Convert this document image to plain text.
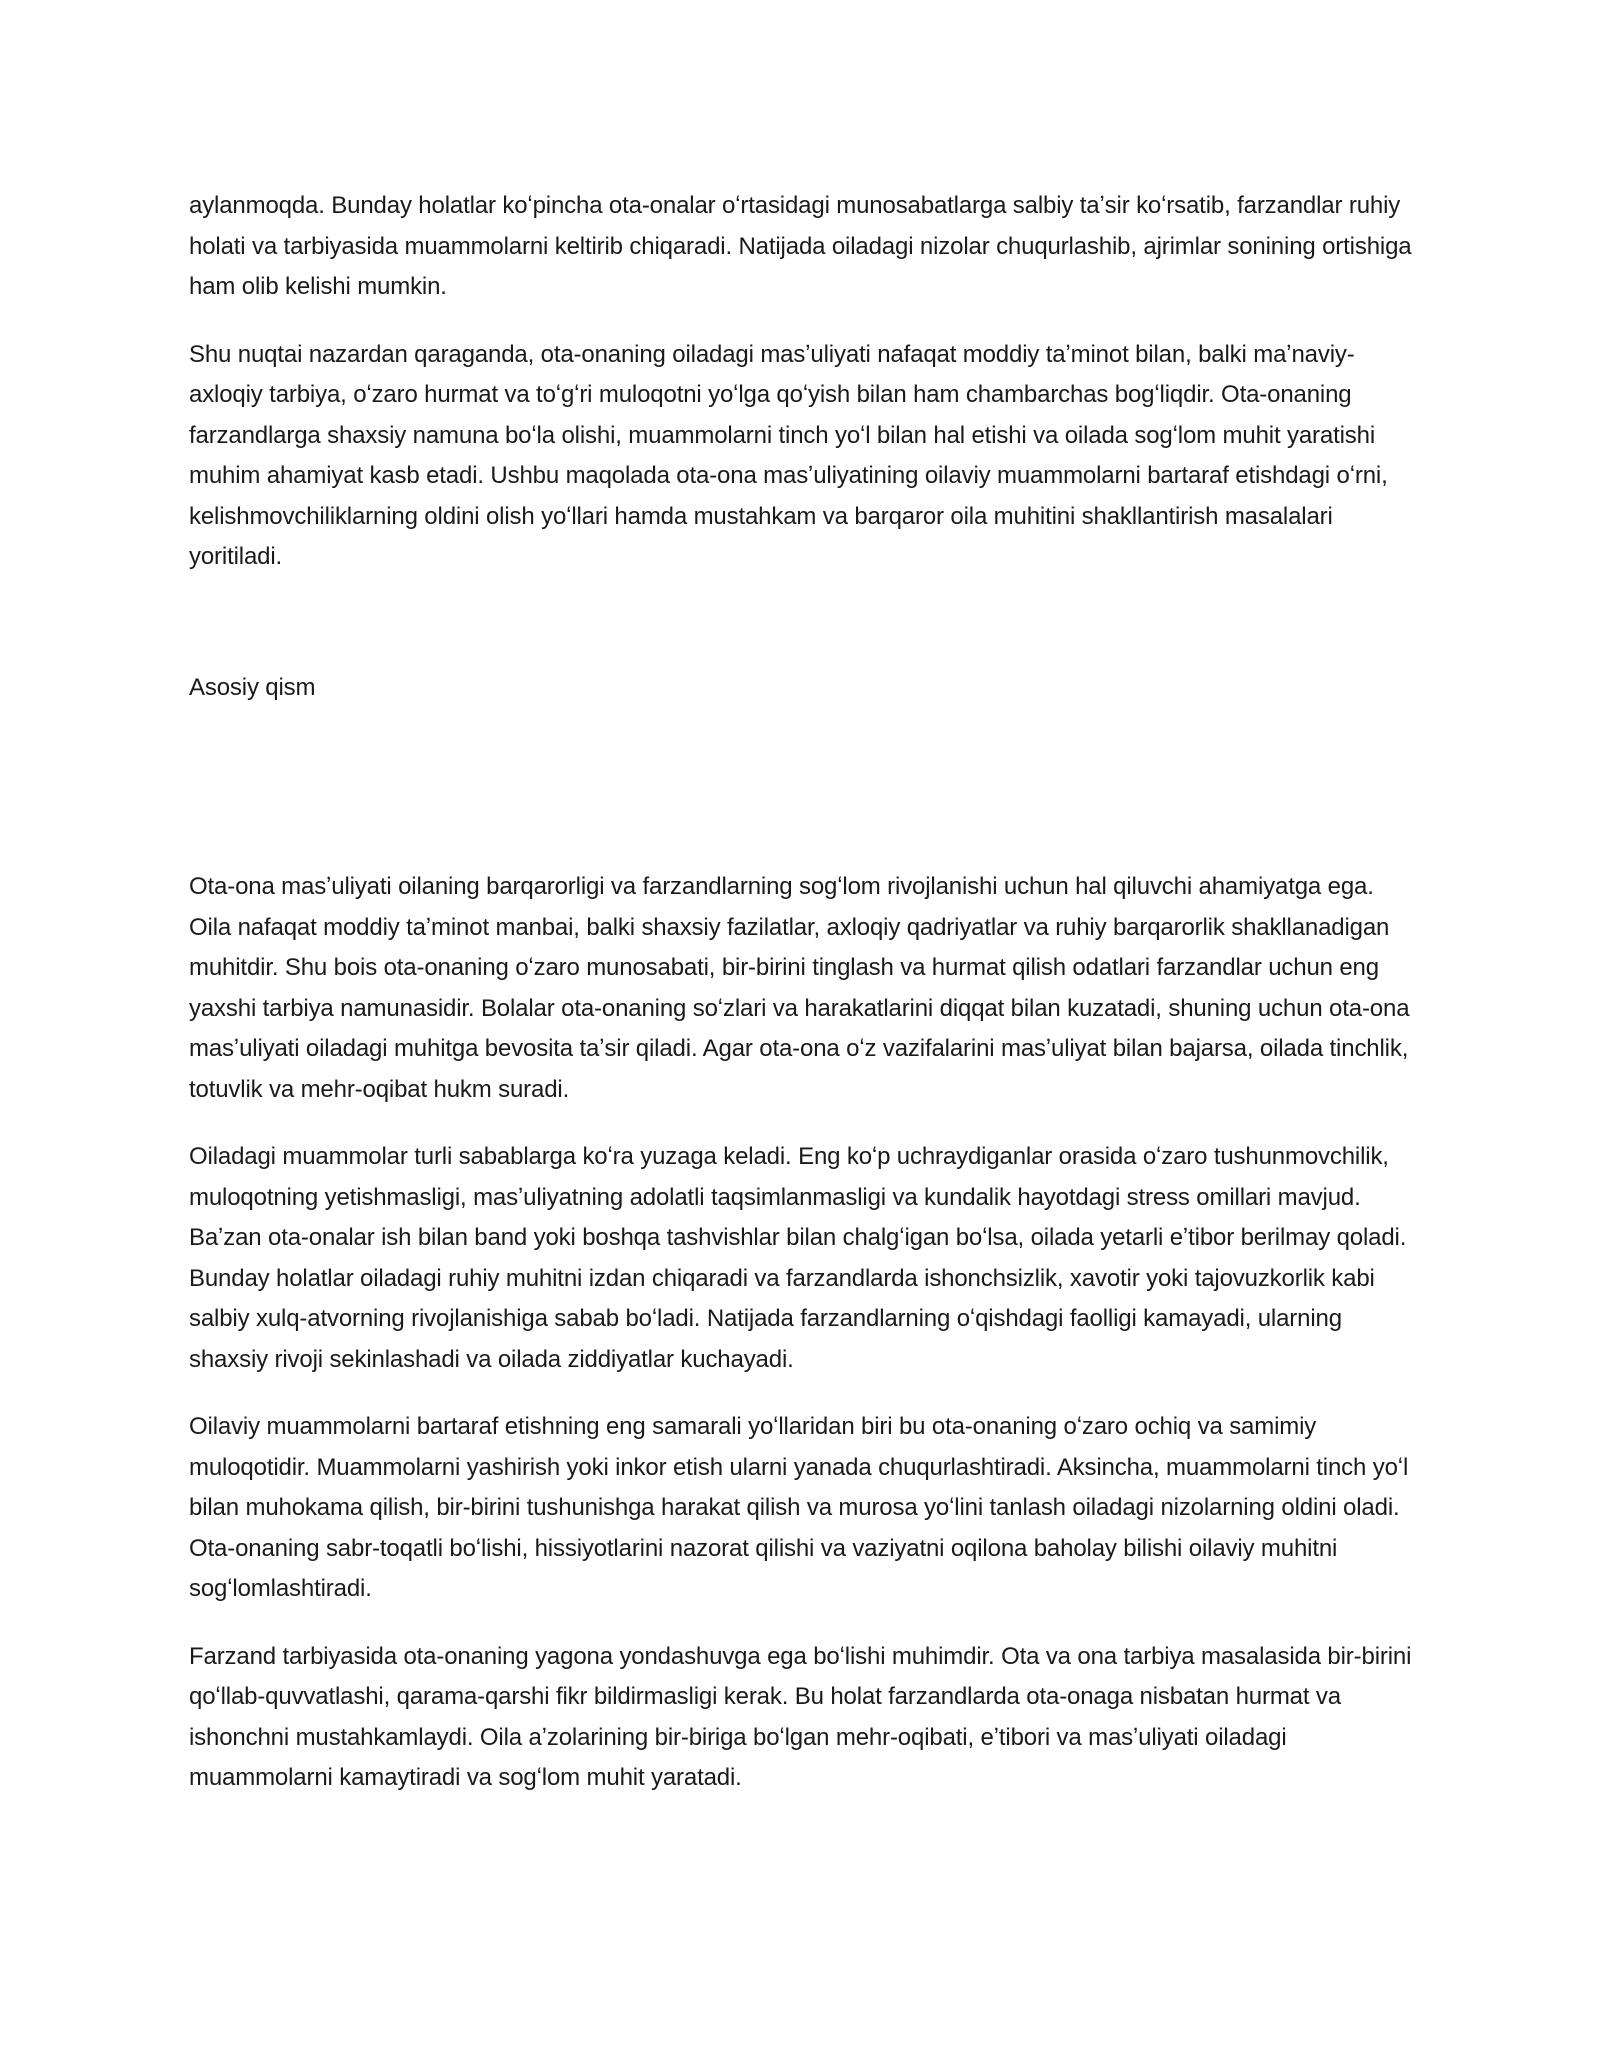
aylanmoqda. Bunday holatlar koʻpincha ota-onalar oʻrtasidagi munosabatlarga salbiy taʼsir koʻrsatib, farzandlar ruhiy holati va tarbiyasida muammolarni keltirib chiqaradi. Natijada oiladagi nizolar chuqurlashib, ajrimlar sonining ortishiga ham olib kelishi mumkin.

Shu nuqtai nazardan qaraganda, ota-onaning oiladagi masʼuliyati nafaqat moddiy taʼminot bilan, balki maʼnaviy-axloqiy tarbiya, oʻzaro hurmat va toʻgʻri muloqotni yoʻlga qoʻyish bilan ham chambarchas bogʻliqdir. Ota-onaning farzandlarga shaxsiy namuna boʻla olishi, muammolarni tinch yoʻl bilan hal etishi va oilada sogʻlom muhit yaratishi muhim ahamiyat kasb etadi. Ushbu maqolada ota-ona masʼuliyatining oilaviy muammolarni bartaraf etishdagi oʻrni, kelishmovchiliklarning oldini olish yoʻllari hamda mustahkam va barqaror oila muhitini shakllantirish masalalari yoritiladi.

Asosiy qism

Ota-ona masʼuliyati oilaning barqarorligi va farzandlarning sogʻlom rivojlanishi uchun hal qiluvchi ahamiyatga ega. Oila nafaqat moddiy taʼminot manbai, balki shaxsiy fazilatlar, axloqiy qadriyatlar va ruhiy barqarorlik shakllanadigan muhitdir. Shu bois ota-onaning oʻzaro munosabati, bir-birini tinglash va hurmat qilish odatlari farzandlar uchun eng yaxshi tarbiya namunasidir. Bolalar ota-onaning soʻzlari va harakatlarini diqqat bilan kuzatadi, shuning uchun ota-ona masʼuliyati oiladagi muhitga bevosita taʼsir qiladi. Agar ota-ona oʻz vazifalarini masʼuliyat bilan bajarsa, oilada tinchlik, totuvlik va mehr-oqibat hukm suradi.

Oiladagi muammolar turli sabablarga koʻra yuzaga keladi. Eng koʻp uchraydiganlar orasida oʻzaro tushunmovchilik, muloqotning yetishmasligi, masʼuliyatning adolatli taqsimlanmasligi va kundalik hayotdagi stress omillari mavjud. Baʼzan ota-onalar ish bilan band yoki boshqa tashvishlar bilan chalgʻigan boʻlsa, oilada yetarli eʼtibor berilmay qoladi. Bunday holatlar oiladagi ruhiy muhitni izdan chiqaradi va farzandlarda ishonchsizlik, xavotir yoki tajovuzkorlik kabi salbiy xulq-atvorning rivojlanishiga sabab boʻladi. Natijada farzandlarning oʻqishdagi faolligi kamayadi, ularning shaxsiy rivoji sekinlashadi va oilada ziddiyatlar kuchayadi.

Oilaviy muammolarni bartaraf etishning eng samarali yoʻllaridan biri bu ota-onaning oʻzaro ochiq va samimiy muloqotidir. Muammolarni yashirish yoki inkor etish ularni yanada chuqurlashtiradi. Aksincha, muammolarni tinch yoʻl bilan muhokama qilish, bir-birini tushunishga harakat qilish va murosa yoʻlini tanlash oiladagi nizolarning oldini oladi. Ota-onaning sabr-toqatli boʻlishi, hissiyotlarini nazorat qilishi va vaziyatni oqilona baholay bilishi oilaviy muhitni sogʻlomlashtiradi.

Farzand tarbiyasida ota-onaning yagona yondashuvga ega boʻlishi muhimdir. Ota va ona tarbiya masalasida bir-birini qoʻllab-quvvatlashi, qarama-qarshi fikr bildirmasligi kerak. Bu holat farzandlarda ota-onaga nisbatan hurmat va ishonchni mustahkamlaydi. Oila aʼzolarining bir-biriga boʻlgan mehr-oqibati, eʼtibori va masʼuliyati oiladagi muammolarni kamaytiradi va sogʻlom muhit yaratadi.
